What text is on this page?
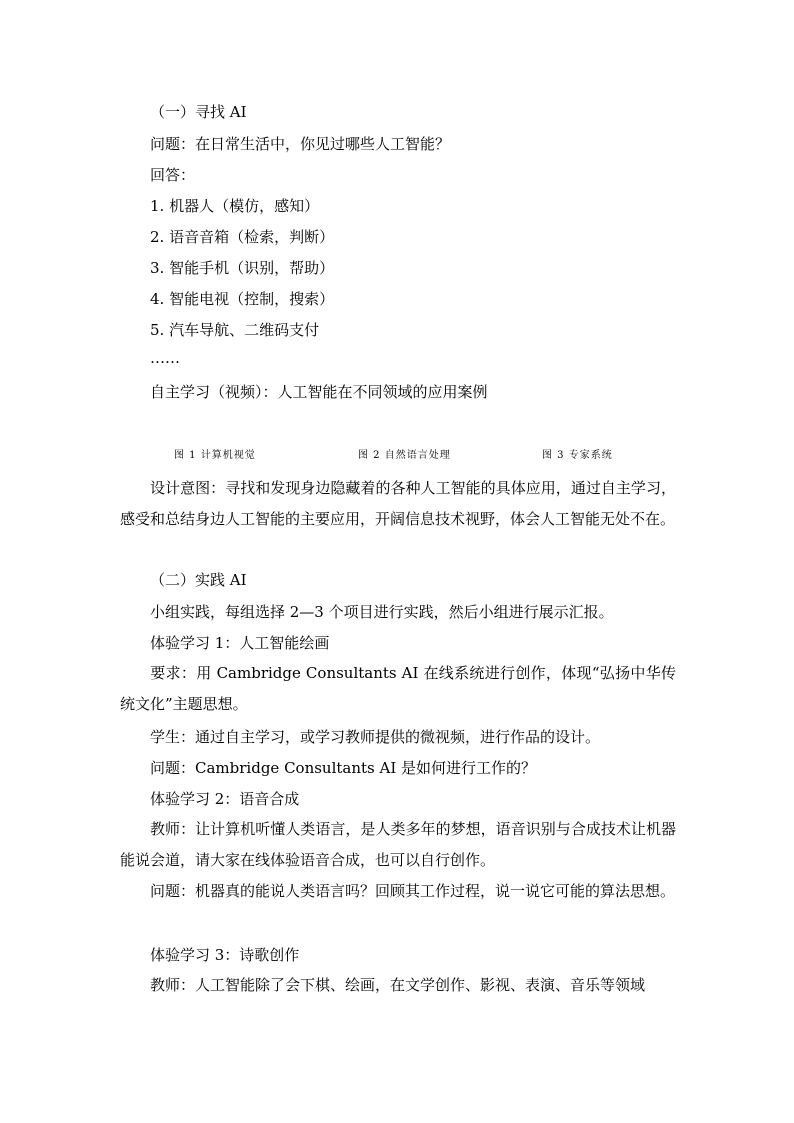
（一）寻找 AI
问题：在日常生活中，你见过哪些人工智能？
回答：
1. 机器人（模仿，感知）
2. 语音音箱（检索，判断）
3. 智能手机（识别，帮助）
4. 智能电视（控制，搜索）
5. 汽车导航、二维码支付
……
自主学习（视频）：人工智能在不同领域的应用案例
图 1 计算机视觉	图 2 自然语言处理	图 3 专家系统
设计意图：寻找和发现身边隐藏着的各种人工智能的具体应用，通过自主学习，感受和总结身边人工智能的主要应用，开阔信息技术视野，体会人工智能无处不在。
（二）实践 AI
小组实践，每组选择 2—3 个项目进行实践，然后小组进行展示汇报。
体验学习 1：人工智能绘画
要求：用 Cambridge Consultants AI 在线系统进行创作，体现“弘扬中华传统文化”主题思想。
学生：通过自主学习，或学习教师提供的微视频，进行作品的设计。
问题：Cambridge Consultants AI 是如何进行工作的？
体验学习 2：语音合成
教师：让计算机听懂人类语言，是人类多年的梦想，语音识别与合成技术让机器能说会道，请大家在线体验语音合成，也可以自行创作。
问题：机器真的能说人类语言吗？回顾其工作过程，说一说它可能的算法思想。
体验学习 3：诗歌创作
教师：人工智能除了会下棋、绘画，在文学创作、影视、表演、音乐等领域
